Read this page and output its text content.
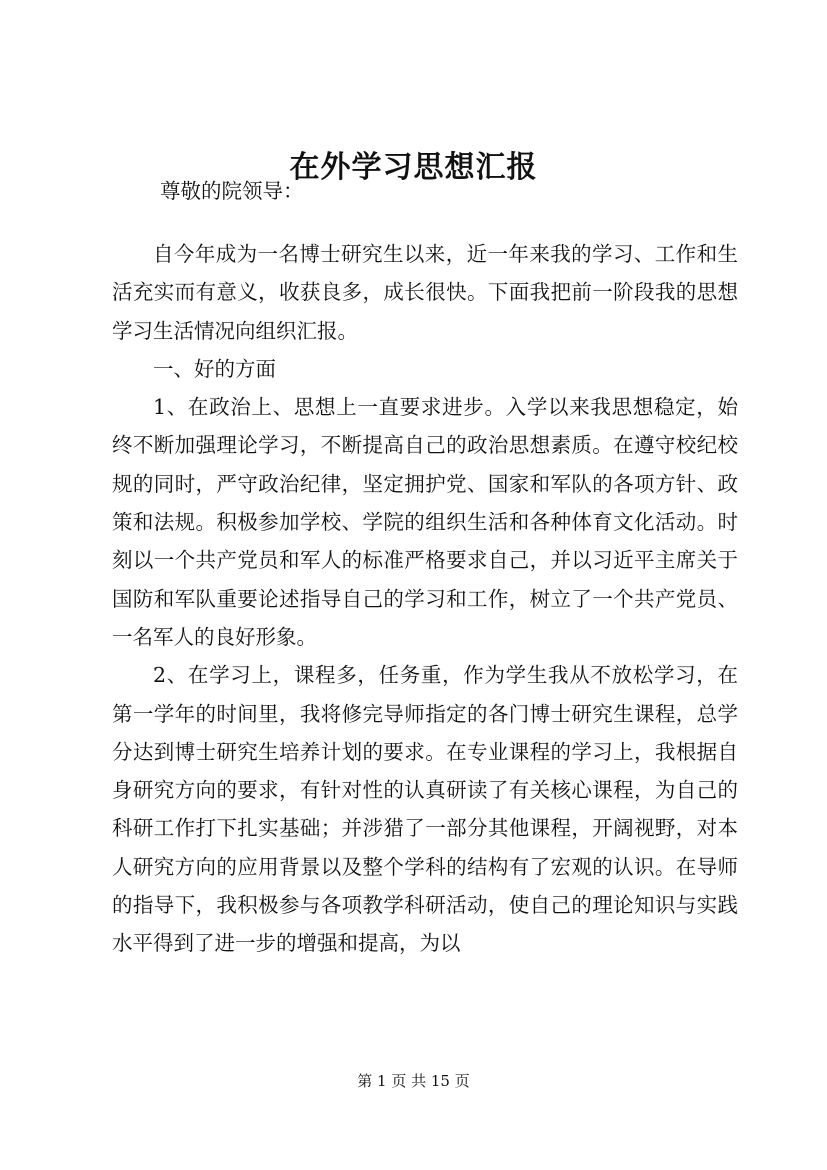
在外学习思想汇报
尊敬的院领导：

自今年成为一名博士研究生以来，近一年来我的学习、工作和生活充实而有意义，收获良多，成长很快。下面我把前一阶段我的思想学习生活情况向组织汇报。

一、好的方面

1、在政治上、思想上一直要求进步。入学以来我思想稳定，始终不断加强理论学习，不断提高自己的政治思想素质。在遵守校纪校规的同时，严守政治纪律，坚定拥护党、国家和军队的各项方针、政策和法规。积极参加学校、学院的组织生活和各种体育文化活动。时刻以一个共产党员和军人的标准严格要求自己，并以习近平主席关于国防和军队重要论述指导自己的学习和工作，树立了一个共产党员、一名军人的良好形象。

2、在学习上，课程多，任务重，作为学生我从不放松学习，在第一学年的时间里，我将修完导师指定的各门博士研究生课程，总学分达到博士研究生培养计划的要求。在专业课程的学习上，我根据自身研究方向的要求，有针对性的认真研读了有关核心课程，为自己的科研工作打下扎实基础；并涉猎了一部分其他课程，开阔视野，对本人研究方向的应用背景以及整个学科的结构有了宏观的认识。在导师的指导下，我积极参与各项教学科研活动，使自己的理论知识与实践水平得到了进一步的增强和提高，为以

第 1 页 共 15 页
